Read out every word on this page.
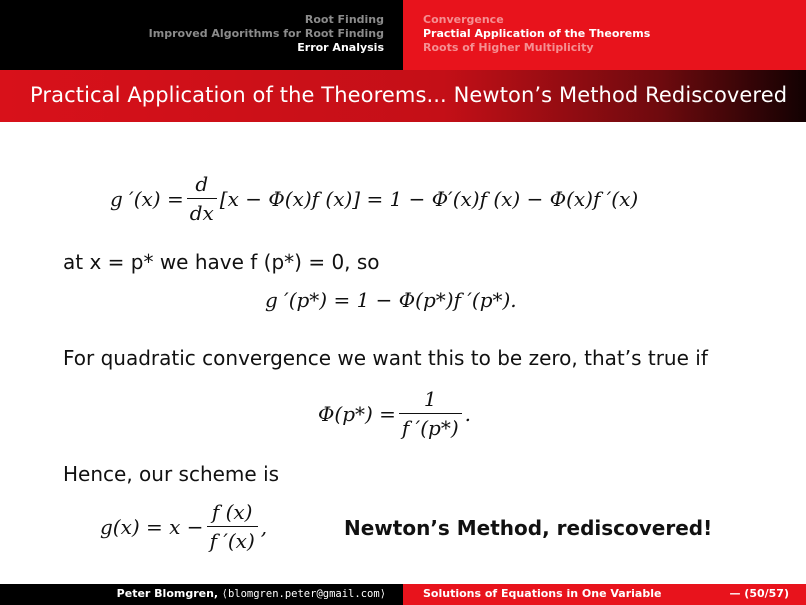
Root Finding
Improved Algorithms for Root Finding
Error Analysis
Convergence
Practial Application of the Theorems
Roots of Higher Multiplicity
Practical Application of the Theorems... Newton’s Method Rediscovered
g $'(x) = \frac{d}{dx} [x - \Phi(x)f$ (x)] = 1 − Φ′(x)f (x) − Φ(x)f ′(x)
at x = p* we have f (p*) = 0, so
g ′(p*) = 1 − Φ(p*)f ′(p*).
For quadratic convergence we want this to be zero, that’s true if
$\Phi(p*) = \frac{1}{f '(p*)}$ .
Hence, our scheme is
$g(x) = x - \frac{f (x)}{f '(x)}$ ,	Newton’s Method, rediscovered!
Peter Blomgren, ⟨blomgren.peter@gmail.com⟩	Solutions of Equations in One Variable	— (50/57)
